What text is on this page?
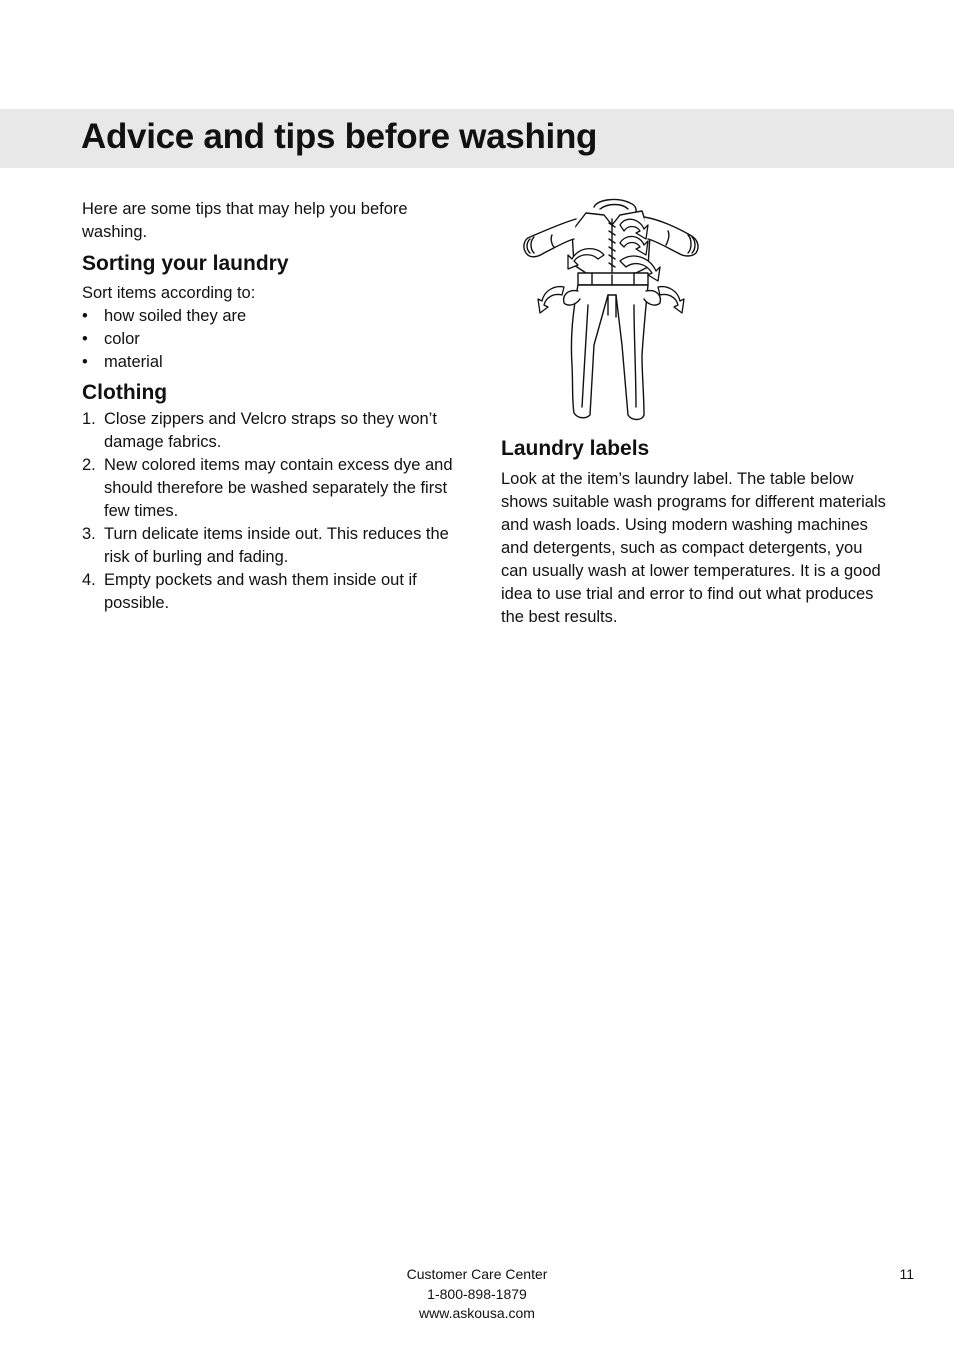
Advice and tips before washing

Here are some tips that may help you before washing.

Sorting your laundry

Sort items according to:

• how soiled they are
• color
• material
Clothing
1. Close zippers and Velcro straps so they won’t damage fabrics.
2. New colored items may contain excess dye and should therefore be washed separately the first few times.
3. Turn delicate items inside out. This reduces the risk of burling and fading.
4. Empty pockets and wash them inside out if possible.
Laundry labels

Look at the item’s laundry label. The table below shows suitable wash programs for different materials and wash loads. Using modern washing machines and detergents, such as compact detergents, you can usually wash at lower temperatures. It is a good idea to use trial and error to find out what produces the best results.

Customer Care Center
1-800-898-1879
www.askousa.com
11
